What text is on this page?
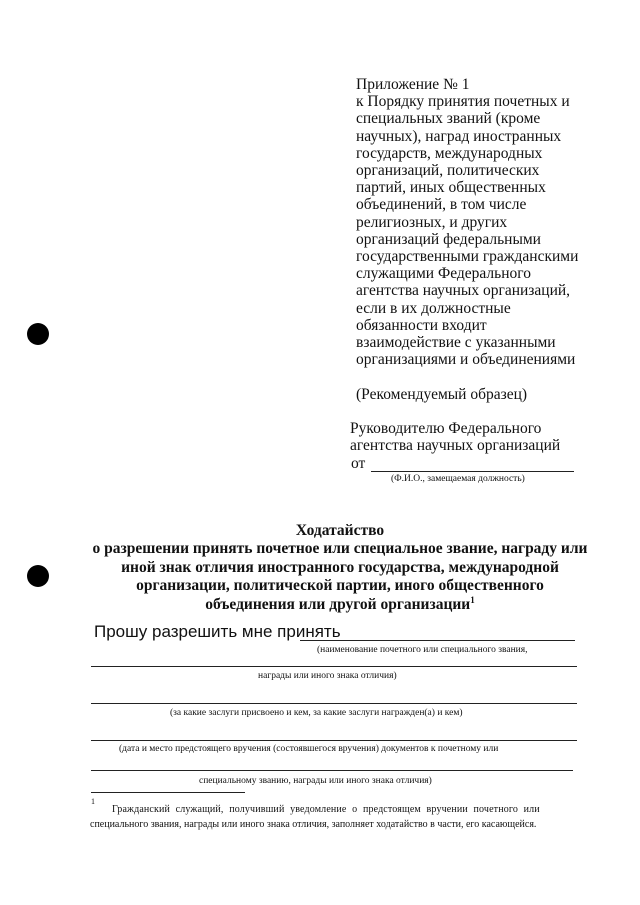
Приложение № 1
к Порядку принятия почетных и
специальных званий (кроме
научных), наград иностранных
государств, международных
организаций, политических
партий, иных общественных
объединений, в том числе
религиозных, и других
организаций федеральными
государственными гражданскими
служащими Федерального
агентства научных организаций,
если в их должностные
обязанности входит
взаимодействие с указанными
организациями и объединениями
(Рекомендуемый образец)
Руководителю Федерального
агентства научных организаций
от
(Ф.И.О., замещаемая должность)
Ходатайство
о разрешении принять почетное или специальное звание, награду или
иной знак отличия иностранного государства, международной
организации, политической партии, иного общественного
объединения или другой организации$^1$
Прошу разрешить мне принять
(наименование почетного или специального звания,
награды или иного знака отличия)
(за какие заслуги присвоено и кем, за какие заслуги награжден(а) и кем)
(дата и место предстоящего вручения (состоявшегося вручения) документов к почетному или
специальному званию, награды или иного знака отличия)
1
Гражданский служащий, получивший уведомление о предстоящем вручении почетного или
специального звания, награды или иного знака отличия, заполняет ходатайство в части, его касающейся.
